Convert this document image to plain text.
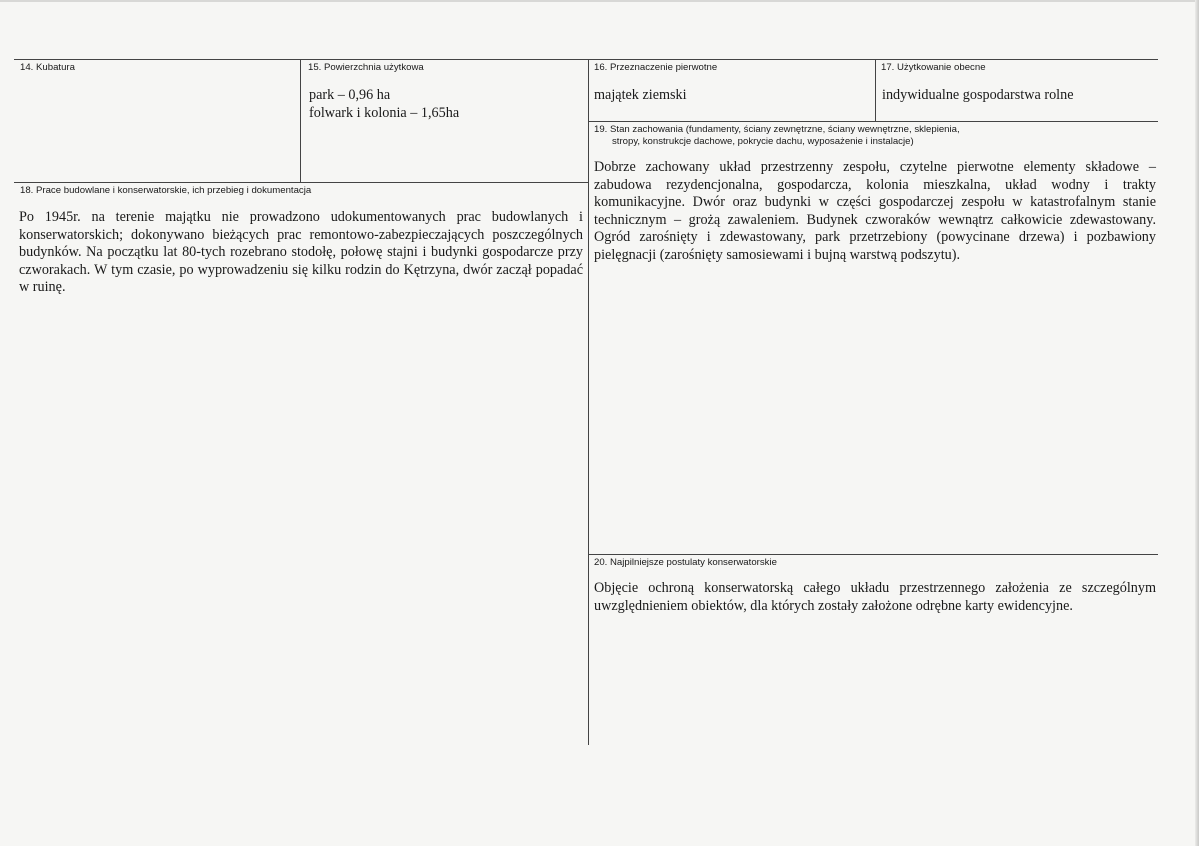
14. Kubatura	15. Powierzchnia użytkowa
park – 0,96 ha
folwark i kolonia – 1,65ha
16. Przeznaczenie pierwotne
majątek ziemski
17. Użytkowanie obecne
indywidualne gospodarstwa rolne
19. Stan zachowania (fundamenty, ściany zewnętrzne, ściany wewnętrzne, sklepienia,
stropy, konstrukcje dachowe, pokrycie dachu, wyposażenie i instalacje)
Dobrze zachowany układ przestrzenny zespołu, czytelne pierwotne elementy składowe – zabudowa rezydencjonalna, gospodarcza, kolonia mieszkalna, układ wodny i trakty komunikacyjne. Dwór oraz budynki w części gospodarczej zespołu w katastrofalnym stanie technicznym – grożą zawaleniem. Budynek czworaków wewnątrz całkowicie zdewastowany. Ogród zarośnięty i zdewastowany, park przetrzebiony (powycinane drzewa) i pozbawiony pielęgnacji (zarośnięty samosiewami i bujną warstwą podszytu).
18. Prace budowlane i konserwatorskie, ich przebieg i dokumentacja
Po 1945r. na terenie majątku nie prowadzono udokumentowanych prac budowlanych i konserwatorskich; dokonywano bieżących prac remontowo-zabezpieczających poszczególnych budynków. Na początku lat 80-tych rozebrano stodołę, połowę stajni i budynki gospodarcze przy czworakach. W tym czasie, po wyprowadzeniu się kilku rodzin do Kętrzyna, dwór zaczął popadać w ruinę.
20. Najpilniejsze postulaty konserwatorskie
Objęcie ochroną konserwatorską całego układu przestrzennego założenia ze szczególnym uwzględnieniem obiektów, dla których zostały założone odrębne karty ewidencyjne.
